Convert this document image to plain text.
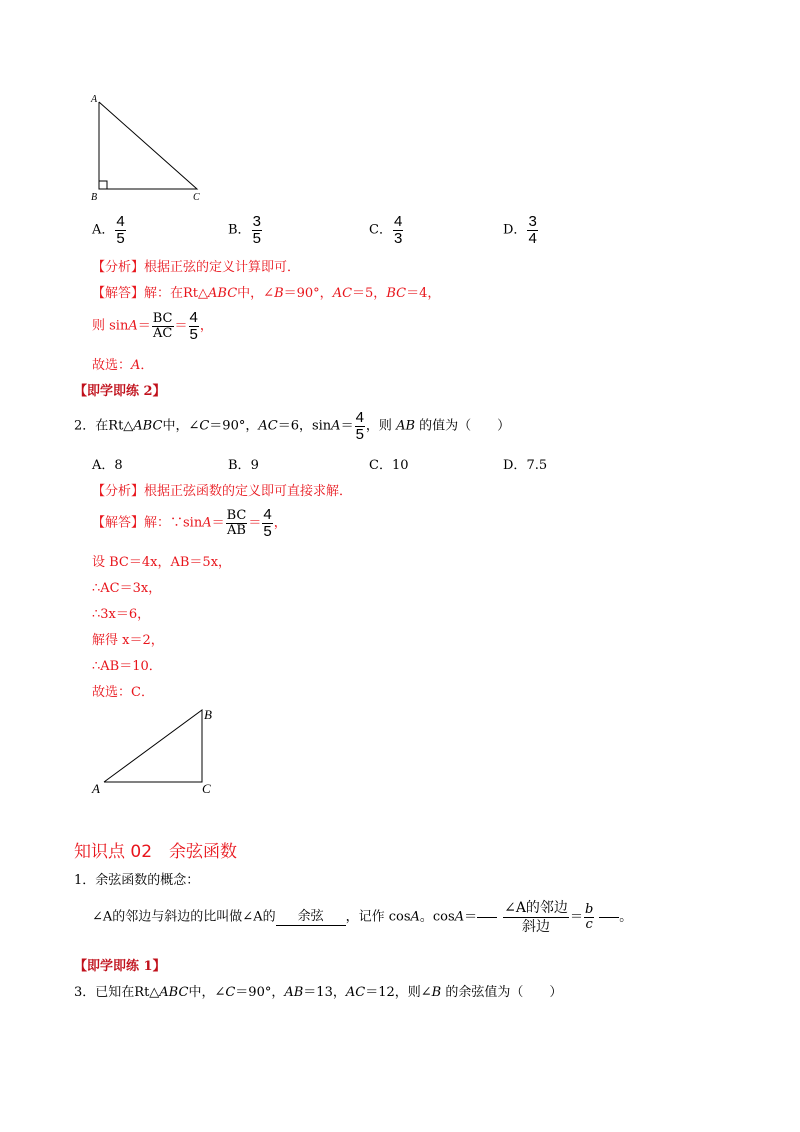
A
B	C
A． $\frac{4}{5}$	B． $\frac{3}{5}$	C． $\frac{4}{3}$	D． $\frac{3}{4}$
【分析】根据正弦的定义计算即可．
【解答】解：在Rt△ABC中，∠B＝90°，AC＝5，BC＝4，
则 $\sin A= \frac{BC}{AC} = \frac{4}{5}$ ，
故选：A．
【即学即练 2】
2．在Rt△ABC中，∠C＝90°，AC＝6，$\sin A= \frac{4}{5}$ ，则 AB 的值为（　　）
A．8	B．9	C．10	D．7.5
【分析】根据正弦函数的定义即可直接求解．
【解答】解：∵sinA＝ $\frac{BC}{AB} = \frac{4}{5}$ ，
设 BC＝4x，AB＝5x，
∴AC＝3x，
∴3x＝6，
解得 x＝2，
∴AB＝10．
故选：C．
A
B
C
知识点 02　余弦函数
1．余弦函数的概念：
∠A的邻边与斜边的比叫做∠A的 余弦 ，记作 cosA。$\cos A= \frac{\text{∠A的邻边}}{\text{斜边}} = \frac{b}{c}$ 。
【即学即练 1】
3．已知在Rt△ABC中，∠C＝90°，AB＝13，AC＝12，则∠B 的余弦值为（　　）
